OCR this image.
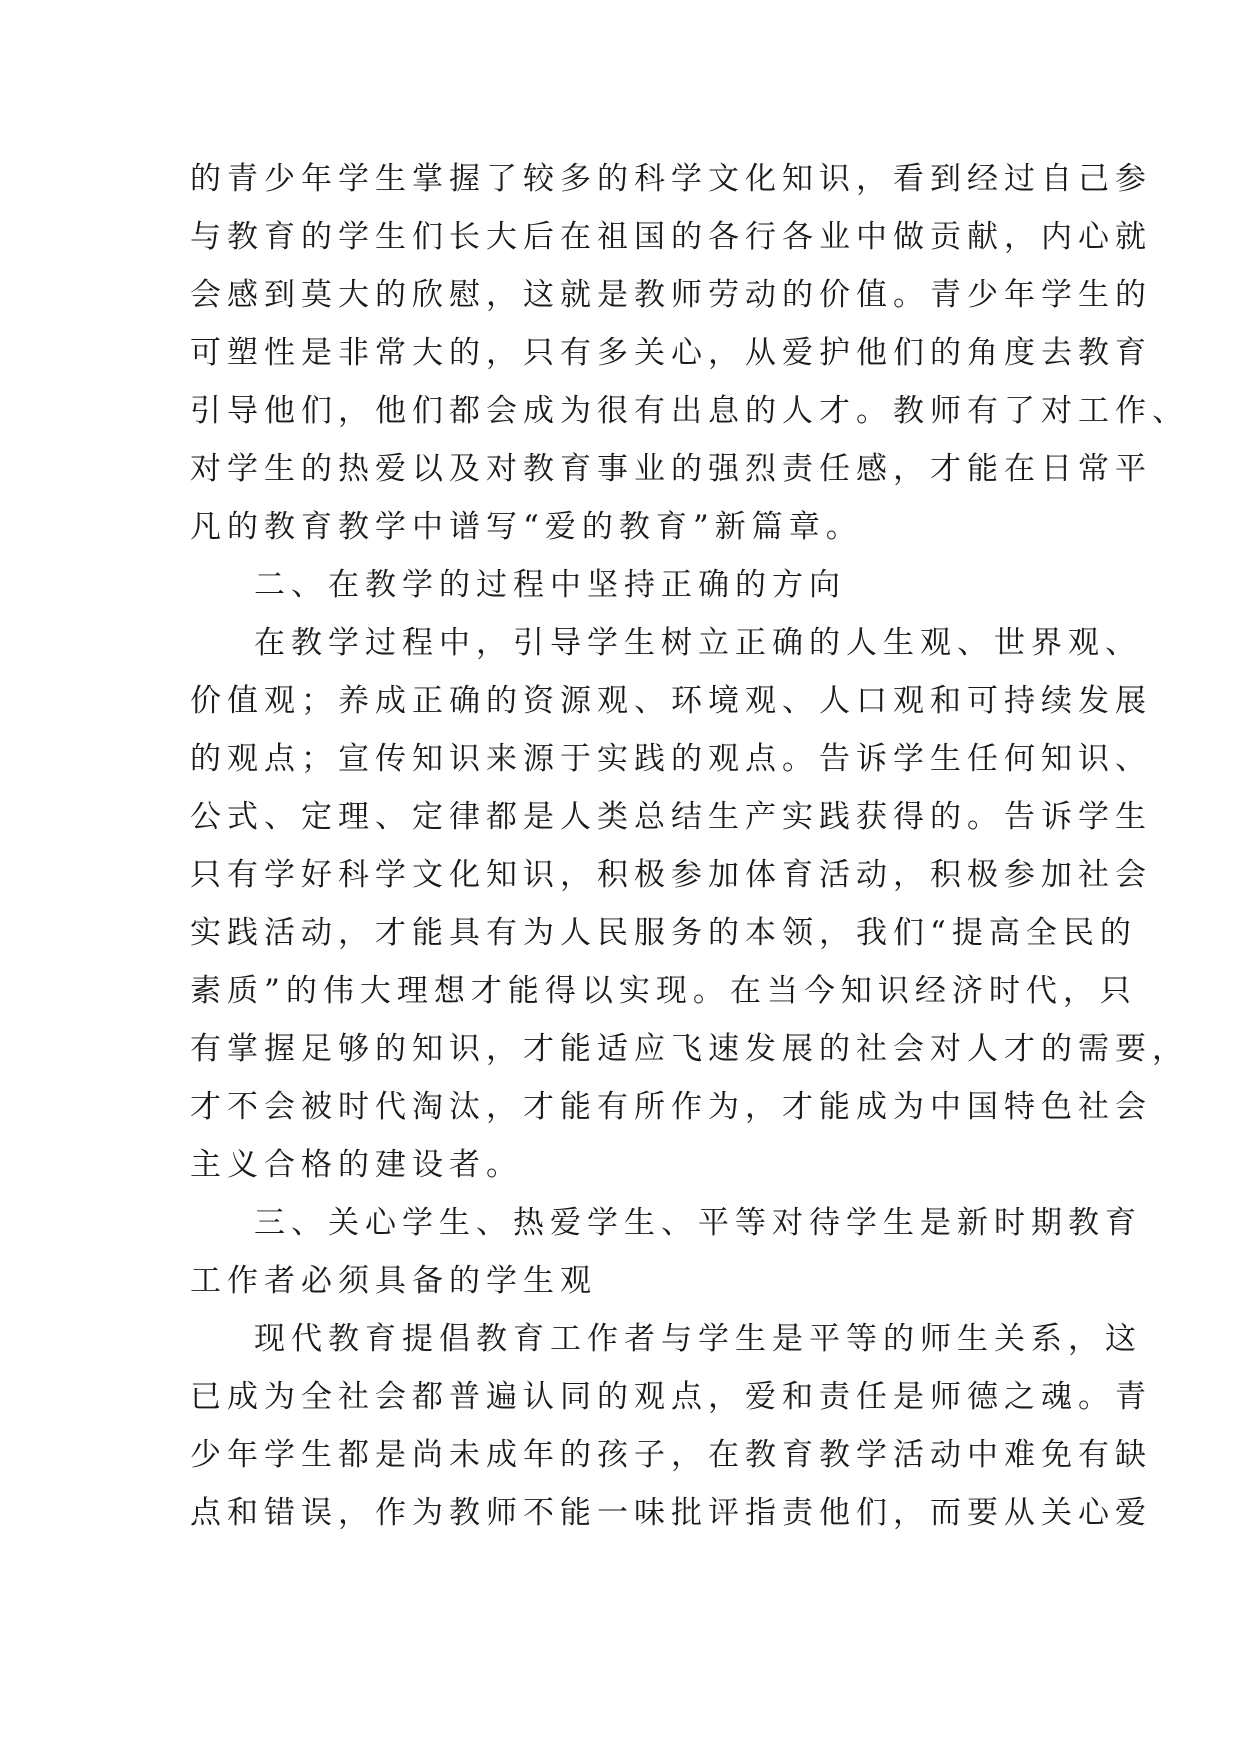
的青少年学生掌握了较多的科学文化知识，看到经过自己参
与教育的学生们长大后在祖国的各行各业中做贡献，内心就
会感到莫大的欣慰，这就是教师劳动的价值。青少年学生的
可塑性是非常大的，只有多关心，从爱护他们的角度去教育
引导他们，他们都会成为很有出息的人才。教师有了对工作、
对学生的热爱以及对教育事业的强烈责任感，才能在日常平
凡的教育教学中谱写“爱的教育”新篇章。
二、在教学的过程中坚持正确的方向
在教学过程中，引导学生树立正确的人生观、世界观、
价值观；养成正确的资源观、环境观、人口观和可持续发展
的观点；宣传知识来源于实践的观点。告诉学生任何知识、
公式、定理、定律都是人类总结生产实践获得的。告诉学生
只有学好科学文化知识，积极参加体育活动，积极参加社会
实践活动，才能具有为人民服务的本领，我们“提高全民的
素质”的伟大理想才能得以实现。在当今知识经济时代，只
有掌握足够的知识，才能适应飞速发展的社会对人才的需要，
才不会被时代淘汰，才能有所作为，才能成为中国特色社会
主义合格的建设者。
三、关心学生、热爱学生、平等对待学生是新时期教育
工作者必须具备的学生观
现代教育提倡教育工作者与学生是平等的师生关系，这
已成为全社会都普遍认同的观点，爱和责任是师德之魂。青
少年学生都是尚未成年的孩子，在教育教学活动中难免有缺
点和错误，作为教师不能一味批评指责他们，而要从关心爱
